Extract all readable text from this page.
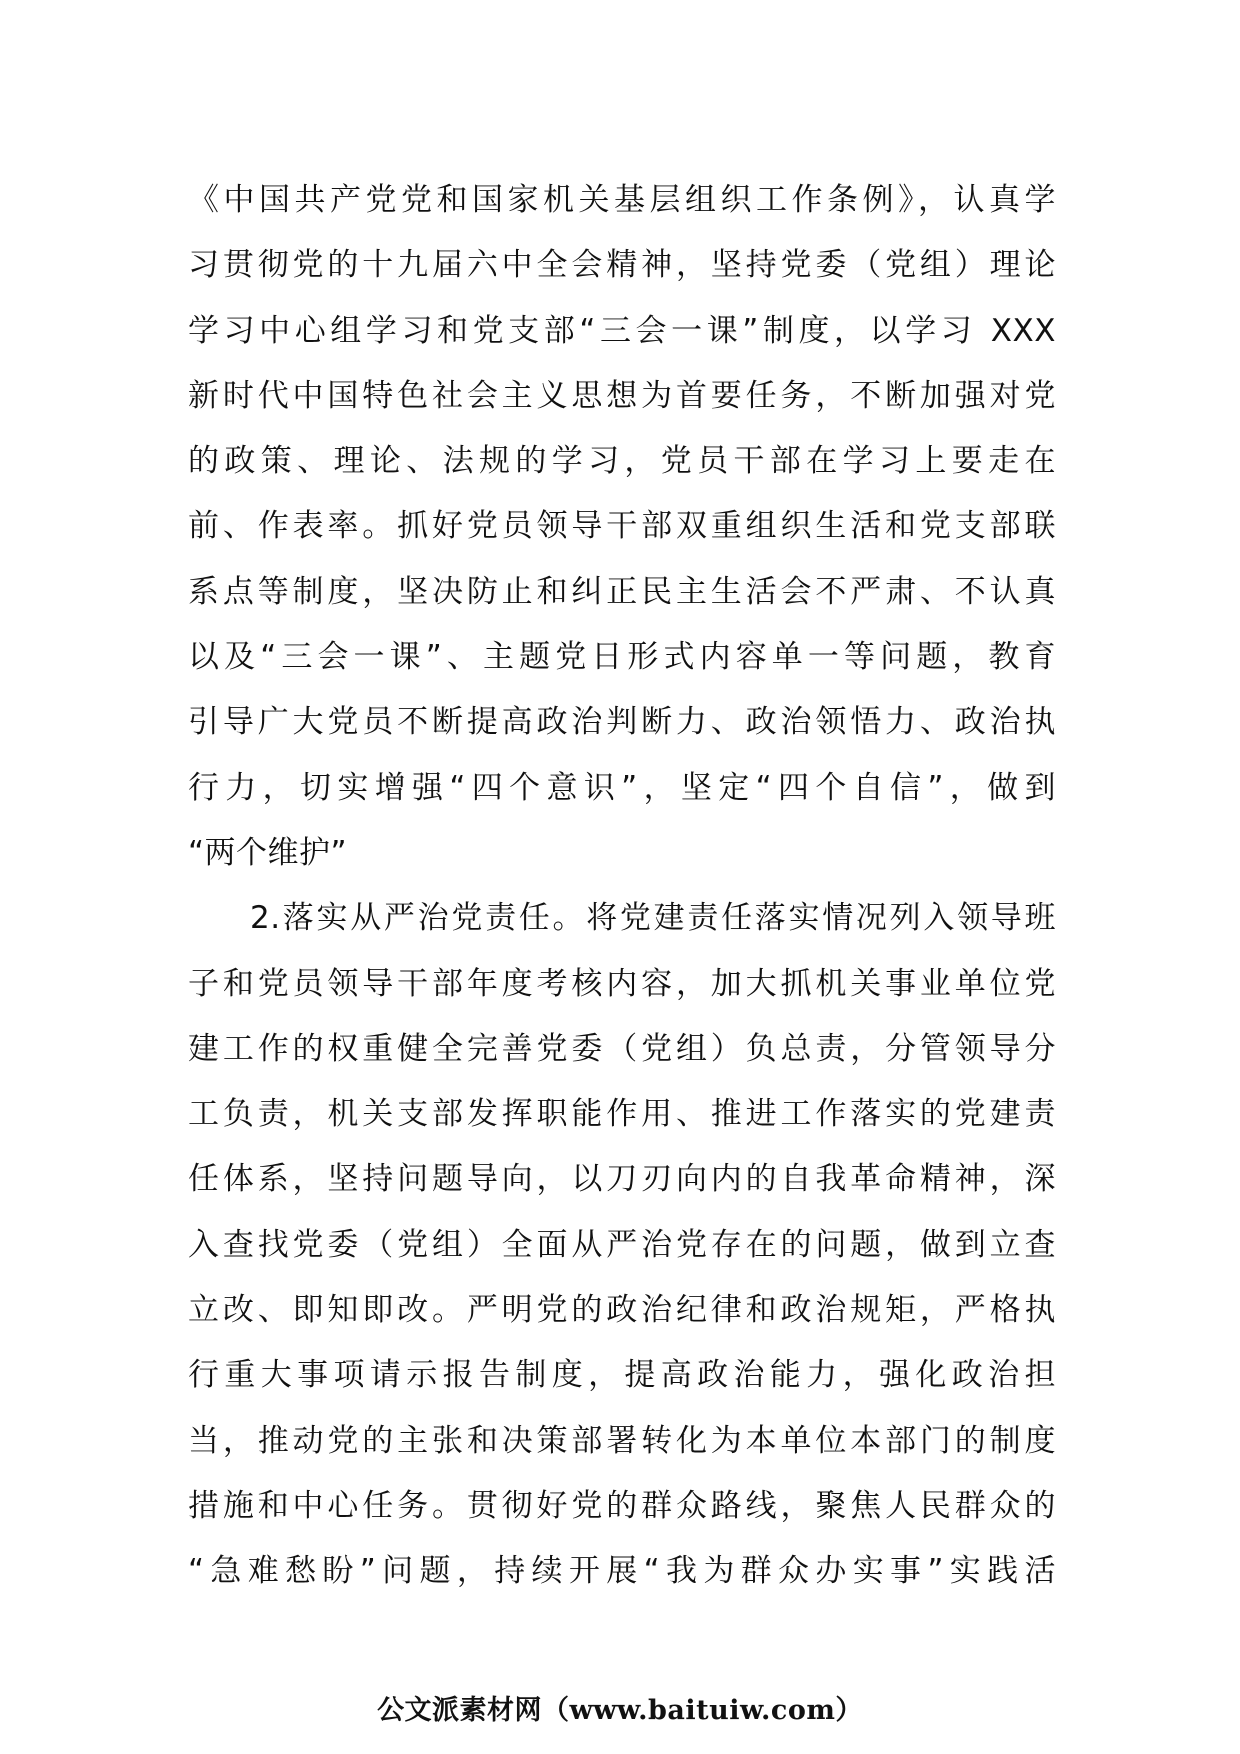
《中国共产党党和国家机关基层组织工作条例》，认真学
习贯彻党的十九届六中全会精神，坚持党委（党组）理论
学习中心组学习和党支部“三会一课”制度，以学习 XXX
新时代中国特色社会主义思想为首要任务，不断加强对党
的政策、理论、法规的学习，党员干部在学习上要走在
前、作表率。抓好党员领导干部双重组织生活和党支部联
系点等制度，坚决防止和纠正民主生活会不严肃、不认真
以及“三会一课”、主题党日形式内容单一等问题，教育
引导广大党员不断提高政治判断力、政治领悟力、政治执
行力，切实增强“四个意识”，坚定“四个自信”，做到
“两个维护”
2.落实从严治党责任。将党建责任落实情况列入领导班
子和党员领导干部年度考核内容，加大抓机关事业单位党
建工作的权重健全完善党委（党组）负总责，分管领导分
工负责，机关支部发挥职能作用、推进工作落实的党建责
任体系，坚持问题导向，以刀刃向内的自我革命精神，深
入查找党委（党组）全面从严治党存在的问题，做到立查
立改、即知即改。严明党的政治纪律和政治规矩，严格执
行重大事项请示报告制度，提高政治能力，强化政治担
当，推动党的主张和决策部署转化为本单位本部门的制度
措施和中心任务。贯彻好党的群众路线，聚焦人民群众的
“急难愁盼”问题，持续开展“我为群众办实事”实践活
公文派素材网（www.baituiw.com）
